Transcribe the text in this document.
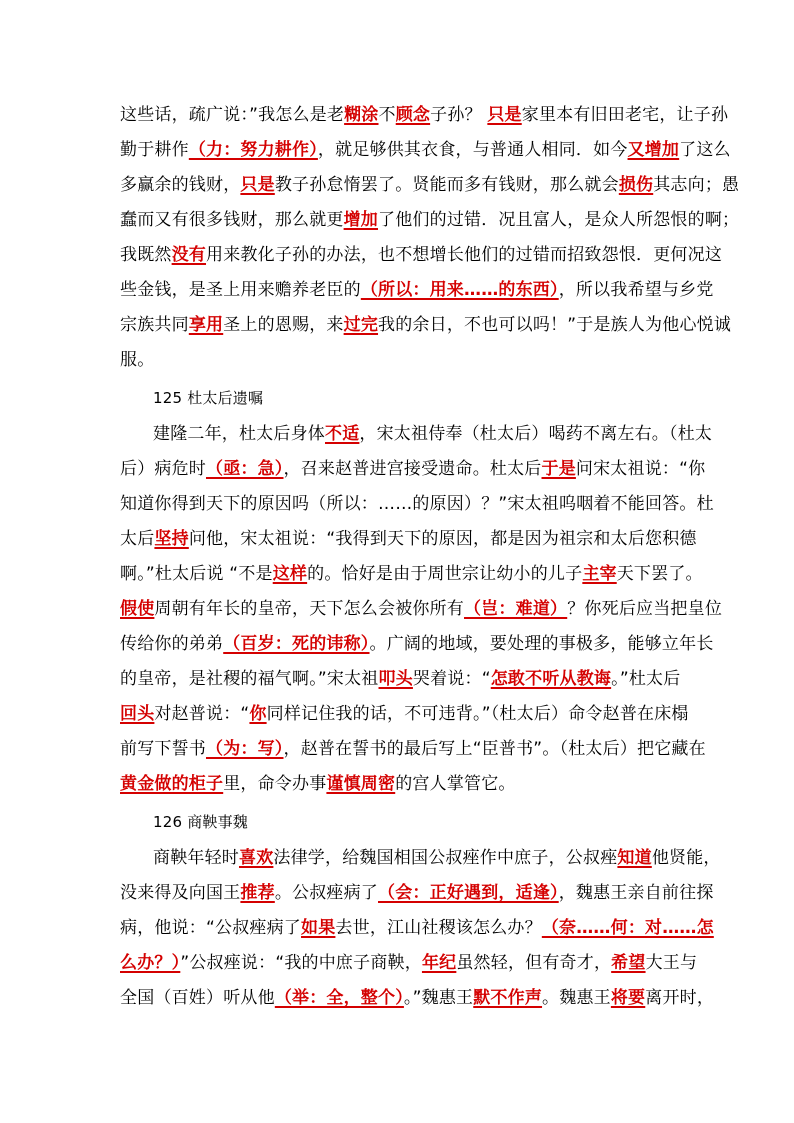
这些话，疏广说：”我怎么是老糊涂不顾念子孙？ 只是家里本有旧田老宅，让子孙
勤于耕作（力：努力耕作），就足够供其衣食，与普通人相同．如今又增加了这么
多赢余的钱财，只是教子孙怠惰罢了。贤能而多有钱财，那么就会损伤其志向；愚
蠢而又有很多钱财，那么就更增加了他们的过错．况且富人，是众人所怨恨的啊；
我既然没有用来教化子孙的办法，也不想增长他们的过错而招致怨恨．更何况这
些金钱，是圣上用来赡养老臣的（所以：用来……的东西），所以我希望与乡党
宗族共同享用圣上的恩赐，来过完我的余日，不也可以吗！”于是族人为他心悦诚
服。
125 杜太后遗嘱
建隆二年，杜太后身体不适，宋太祖侍奉（杜太后）喝药不离左右。（杜太
后）病危时（亟：急），召来赵普进宫接受遗命。杜太后于是问宋太祖说：“你
知道你得到天下的原因吗（所以：……的原因）？”宋太祖呜咽着不能回答。杜
太后坚持问他，宋太祖说：“我得到天下的原因，都是因为祖宗和太后您积德
啊。”杜太后说 “不是这样的。恰好是由于周世宗让幼小的儿子主宰天下罢了。
假使周朝有年长的皇帝，天下怎么会被你所有（岂：难道）？你死后应当把皇位
传给你的弟弟（百岁：死的讳称）。广阔的地域，要处理的事极多，能够立年长
的皇帝，是社稷的福气啊。”宋太祖叩头哭着说：“怎敢不听从教诲。”杜太后
回头对赵普说：“你同样记住我的话，不可违背。”（杜太后）命令赵普在床榻
前写下誓书（为：写），赵普在誓书的最后写上“臣普书”。（杜太后）把它藏在
黄金做的柜子里，命令办事谨慎周密的宫人掌管它。
126 商鞅事魏
商鞅年轻时喜欢法律学，给魏国相国公叔痤作中庶子，公叔痤知道他贤能，
没来得及向国王推荐。公叔痤病了（会：正好遇到，适逢），魏惠王亲自前往探
病，他说：“公叔痤病了如果去世，江山社稷该怎么办？（奈……何：对……怎
么办？）”公叔痤说：“我的中庶子商鞅，年纪虽然轻，但有奇才，希望大王与
全国（百姓）听从他（举：全，整个）。”魏惠王默不作声。魏惠王将要离开时，
